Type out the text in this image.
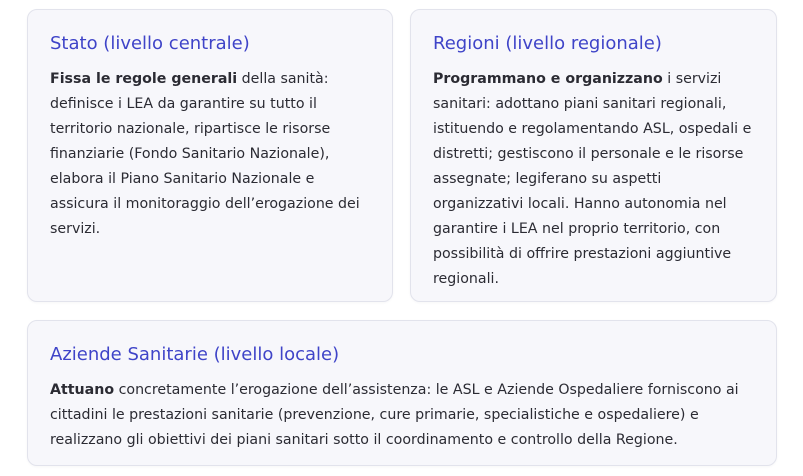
Stato (livello centrale)

Fissa le regole generali della sanità: definisce i LEA da garantire su tutto il territorio nazionale, ripartisce le risorse finanziarie (Fondo Sanitario Nazionale), elabora il Piano Sanitario Nazionale e assicura il monitoraggio dell’erogazione dei servizi.

Regioni (livello regionale)

Programmano e organizzano i servizi sanitari: adottano piani sanitari regionali, istituendo e regolamentando ASL, ospedali e distretti; gestiscono il personale e le risorse assegnate; legiferano su aspetti organizzativi locali. Hanno autonomia nel garantire i LEA nel proprio territorio, con possibilità di offrire prestazioni aggiuntive regionali.

Aziende Sanitarie (livello locale)

Attuano concretamente l’erogazione dell’assistenza: le ASL e Aziende Ospedaliere forniscono ai cittadini le prestazioni sanitarie (prevenzione, cure primarie, specialistiche e ospedaliere) e realizzano gli obiettivi dei piani sanitari sotto il coordinamento e controllo della Regione.
